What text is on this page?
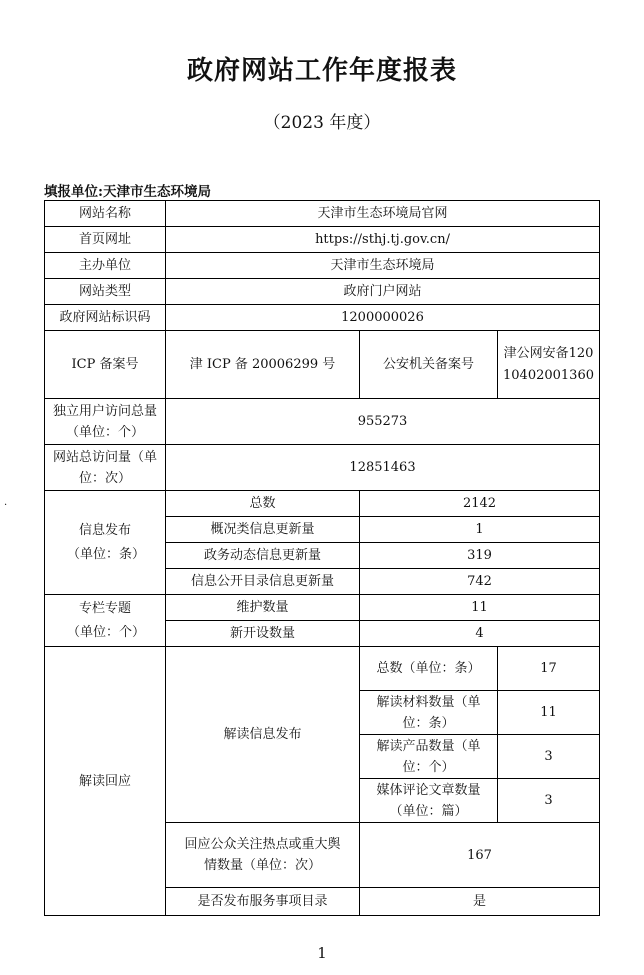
政府网站工作年度报表
（2023 年度）
填报单位:天津市生态环境局
.
网站名称	天津市生态环境局官网		
首页网址	https://sthj.tj.gov.cn/		
主办单位	天津市生态环境局		
网站类型	政府门户网站		
政府网站标识码	1200000026		
ICP 备案号	津 ICP 备 20006299 号	公安机关备案号	津公网安备12010402001360
独立用户访问总量（单位：个）	955273		
网站总访问量（单位：次）	12851463		
信息发布（单位：条）	总数	2142	
	概况类信息更新量	1	
	政务动态信息更新量	319	
	信息公开目录信息更新量	742	
专栏专题（单位：个）	维护数量	11	
	新开设数量	4	
解读回应	解读信息发布	总数（单位：条）	17
		解读材料数量（单位：条）	11
		解读产品数量（单位：个）	3
		媒体评论文章数量（单位：篇）	3
	回应公众关注热点或重大舆情数量（单位：次）	167	
	是否发布服务事项目录	是	
1
